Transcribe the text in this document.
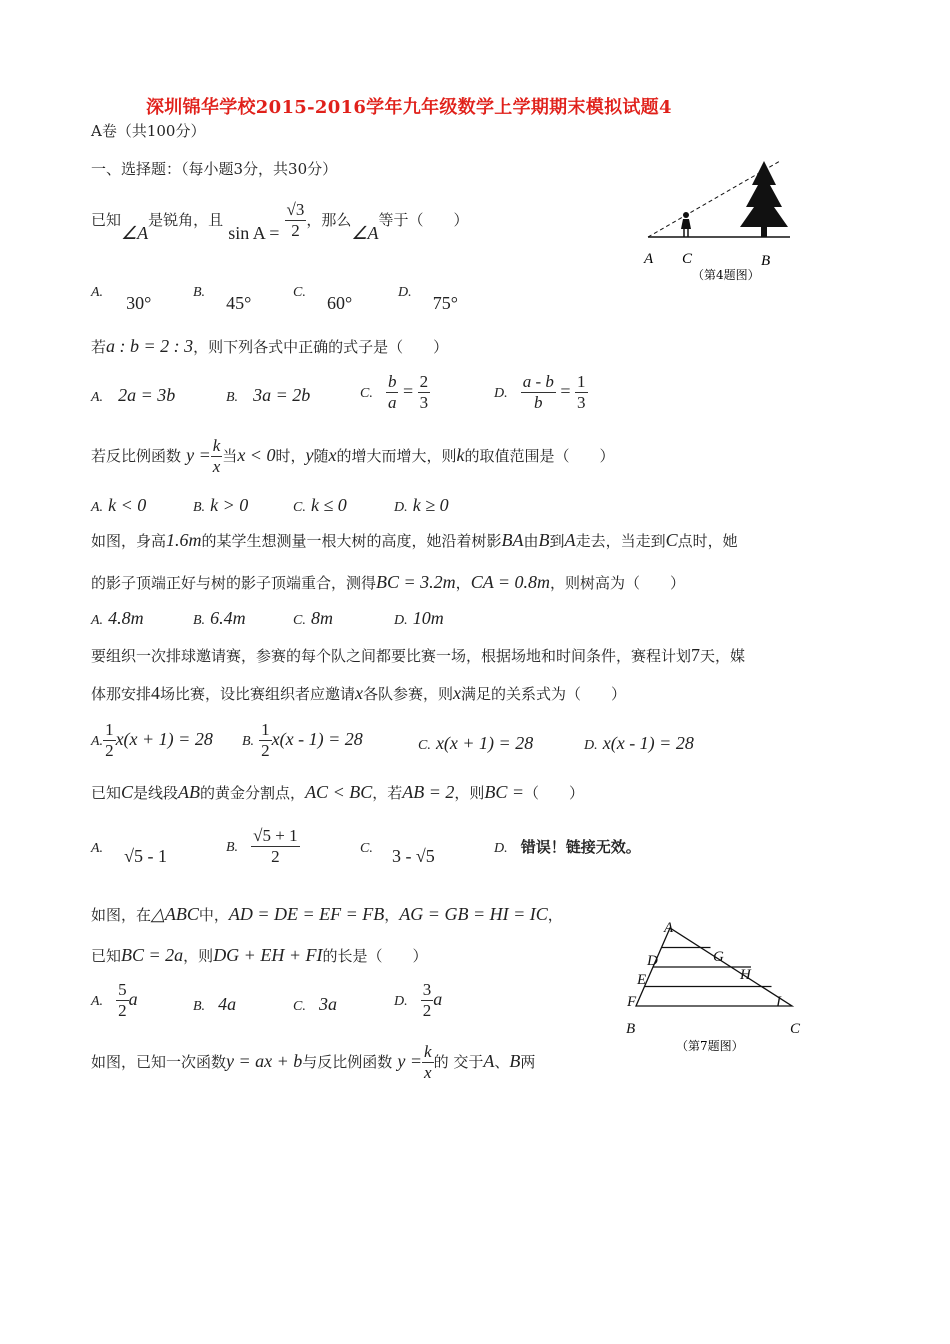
深圳锦华学校2015-2016学年九年级数学上学期期末模拟试题4
A卷（共100分）
一、选择题：（每小题3分，共30分）
已知∠A是锐角，且 $\sin A = \frac{√3}{2}$ ，那么∠A等于（　　）
A. 30°
B. 45°
C. 60°
D. 75°
A C	B
（第4题图）
若a : b = 2 : 3，则下列各式中正确的式子是（　　）
A. 2a = 3b	B. 3a = 2b	C. $\frac{b}{a} = \frac{2}{3}$	D. $\frac{a - b}{b} = \frac{1}{3}$
若反比例函数 $y = \frac{k}{x}$ 当x < 0时，y随x的增大而增大，则k的取值范围是（　　）
A. k < 0	B. k > 0	C. k ≤ 0	D. k ≥ 0
如图，身高1.6m的某学生想测量一根大树的高度，她沿着树影BA由B到A走去，当走到C点时，她
的影子顶端正好与树的影子顶端重合，测得BC = 3.2m，CA = 0.8m，则树高为（　　）
A. 4.8m	B. 6.4m	C. 8m	D. 10m
要组织一次排球邀请赛，参赛的每个队之间都要比赛一场，根据场地和时间条件，赛程计划7天，媒
体那安排4场比赛，设比赛组织者应邀请x各队参赛，则x满足的关系式为（　　）
A. $\frac{1}{2} x(x + 1) = 28$ B. $\frac{1}{2} x(x - 1) = 28$	C. x(x + 1) = 28	D. x(x - 1) = 28
已知C是线段AB的黄金分割点，AC < BC，若AB = 2，则BC =（　　）
A. √5 - 1	B. $\frac{√5 + 1}{2}$	C. 3 - √5	D. 错误！链接无效。
如图，在△ABC中，AD = DE = EF = FB，AG = GB = HI = IC，
已知BC = 2a，则DG + EH + FI的长是（　　）
A. $\frac{5}{2}$ a	B. 4a	C. 3a	D. $\frac{3}{2}$ a
A
D	G
E	H
F	I
B	C
（第7题图）
如图，已知一次函数y = ax + b与反比例函数 $y = \frac{k}{x}$ 的 交于A、B两
